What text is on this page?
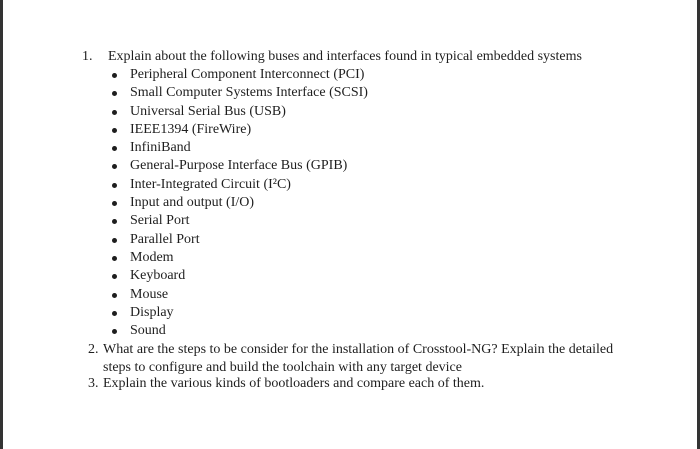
1. Explain about the following buses and interfaces found in typical embedded systems
Peripheral Component Interconnect (PCI)
Small Computer Systems Interface (SCSI)
Universal Serial Bus (USB)
IEEE1394 (FireWire)
InfiniBand
General-Purpose Interface Bus (GPIB)
Inter-Integrated Circuit (I²C)
Input and output (I/O)
Serial Port
Parallel Port
Modem
Keyboard
Mouse
Display
Sound
2. What are the steps to be consider for the installation of Crosstool-NG? Explain the detailed steps to configure and build the toolchain with any target device
3. Explain the various kinds of bootloaders and compare each of them.
